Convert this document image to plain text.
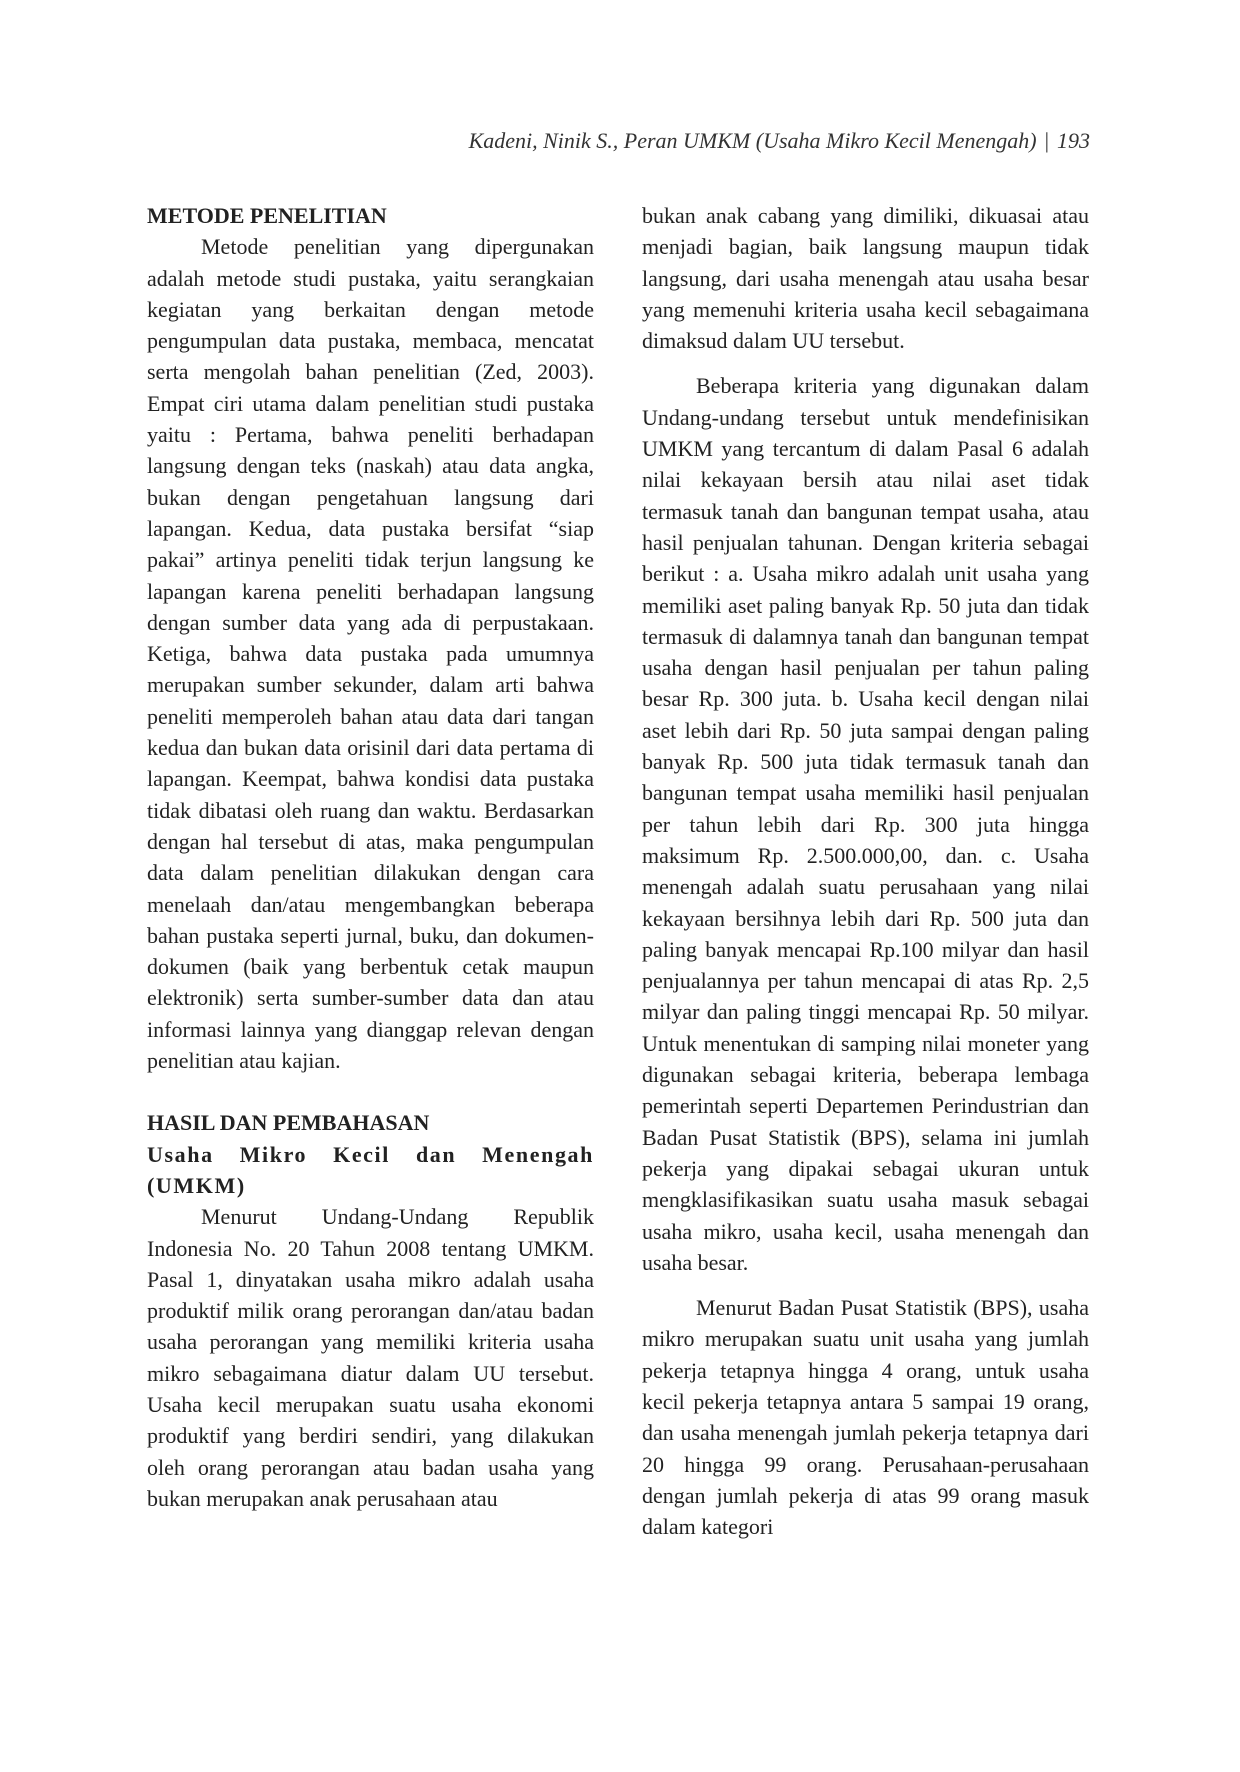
Kadeni, Ninik S., Peran UMKM (Usaha Mikro Kecil Menengah) | 193
METODE PENELITIAN

Metode penelitian yang dipergunakan adalah metode studi pustaka, yaitu serangkaian kegiatan yang berkaitan dengan metode pengumpulan data pustaka, membaca, mencatat serta mengolah bahan penelitian (Zed, 2003). Empat ciri utama dalam penelitian studi pustaka yaitu : Pertama, bahwa peneliti berhadapan langsung dengan teks (naskah) atau data angka, bukan dengan pengetahuan langsung dari lapangan. Kedua, data pustaka bersifat “siap pakai” artinya peneliti tidak terjun langsung ke lapangan karena peneliti berhadapan langsung dengan sumber data yang ada di perpustakaan. Ketiga, bahwa data pustaka pada umumnya merupakan sumber sekunder, dalam arti bahwa peneliti memperoleh bahan atau data dari tangan kedua dan bukan data orisinil dari data pertama di lapangan. Keempat, bahwa kondisi data pustaka tidak dibatasi oleh ruang dan waktu. Berdasarkan dengan hal tersebut di atas, maka pengumpulan data dalam penelitian dilakukan dengan cara menelaah dan/atau mengembangkan beberapa bahan pustaka seperti jurnal, buku, dan dokumen-dokumen (baik yang berbentuk cetak maupun elektronik) serta sumber-sumber data dan atau informasi lainnya yang dianggap relevan dengan penelitian atau kajian.

HASIL DAN PEMBAHASAN
Usaha Mikro Kecil dan Menengah (UMKM)

Menurut Undang-Undang Republik Indonesia No. 20 Tahun 2008 tentang UMKM. Pasal 1, dinyatakan usaha mikro adalah usaha produktif milik orang perorangan dan/atau badan usaha perorangan yang memiliki kriteria usaha mikro sebagaimana diatur dalam UU tersebut. Usaha kecil merupakan suatu usaha ekonomi produktif yang berdiri sendiri, yang dilakukan oleh orang perorangan atau badan usaha yang bukan merupakan anak perusahaan atau

bukan anak cabang yang dimiliki, dikuasai atau menjadi bagian, baik langsung maupun tidak langsung, dari usaha menengah atau usaha besar yang memenuhi kriteria usaha kecil sebagaimana dimaksud dalam UU tersebut.

Beberapa kriteria yang digunakan dalam Undang-undang tersebut untuk mendefinisikan UMKM yang tercantum di dalam Pasal 6 adalah nilai kekayaan bersih atau nilai aset tidak termasuk tanah dan bangunan tempat usaha, atau hasil penjualan tahunan. Dengan kriteria sebagai berikut : a. Usaha mikro adalah unit usaha yang memiliki aset paling banyak Rp. 50 juta dan tidak termasuk di dalamnya tanah dan bangunan tempat usaha dengan hasil penjualan per tahun paling besar Rp. 300 juta. b. Usaha kecil dengan nilai aset lebih dari Rp. 50 juta sampai dengan paling banyak Rp. 500 juta tidak termasuk tanah dan bangunan tempat usaha memiliki hasil penjualan per tahun lebih dari Rp. 300 juta hingga maksimum Rp. 2.500.000,00, dan. c. Usaha menengah adalah suatu perusahaan yang nilai kekayaan bersihnya lebih dari Rp. 500 juta dan paling banyak mencapai Rp.100 milyar dan hasil penjualannya per tahun mencapai di atas Rp. 2,5 milyar dan paling tinggi mencapai Rp. 50 milyar. Untuk menentukan di samping nilai moneter yang digunakan sebagai kriteria, beberapa lembaga pemerintah seperti Departemen Perindustrian dan Badan Pusat Statistik (BPS), selama ini jumlah pekerja yang dipakai sebagai ukuran untuk mengklasifikasikan suatu usaha masuk sebagai usaha mikro, usaha kecil, usaha menengah dan usaha besar.

Menurut Badan Pusat Statistik (BPS), usaha mikro merupakan suatu unit usaha yang jumlah pekerja tetapnya hingga 4 orang, untuk usaha kecil pekerja tetapnya antara 5 sampai 19 orang, dan usaha menengah jumlah pekerja tetapnya dari 20 hingga 99 orang. Perusahaan-perusahaan dengan jumlah pekerja di atas 99 orang masuk dalam kategori
